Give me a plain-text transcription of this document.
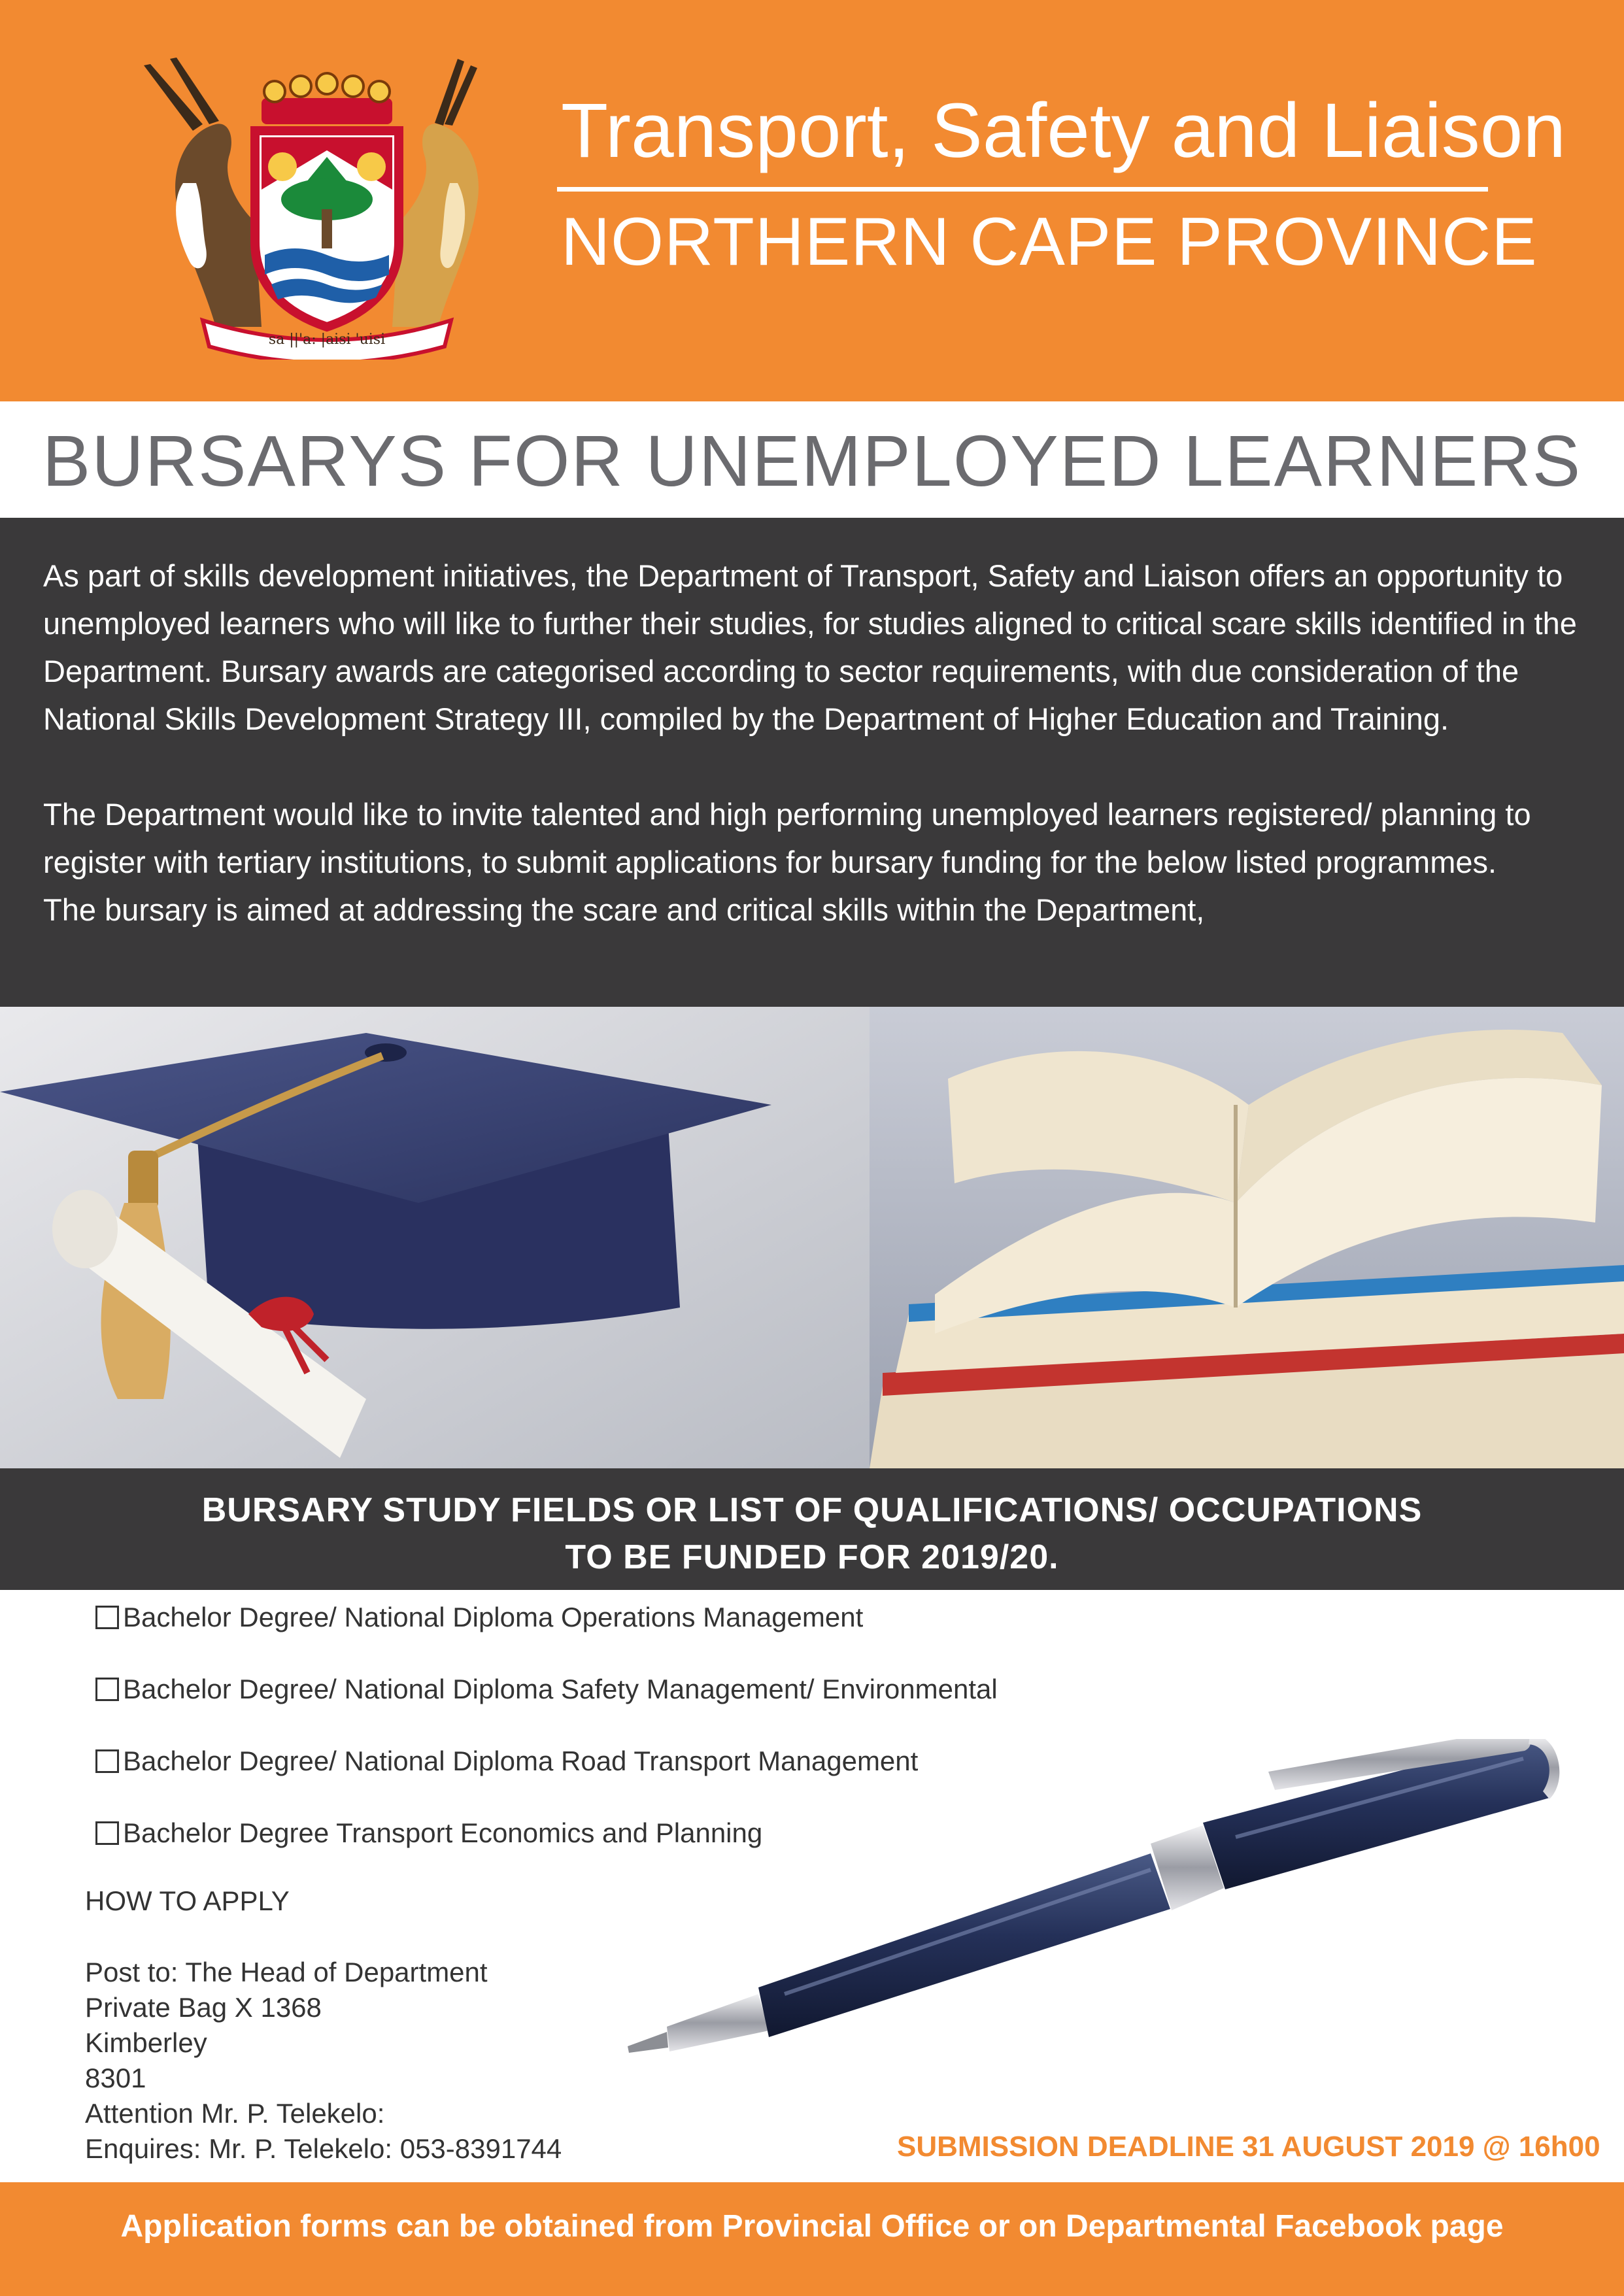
sa ||'a: |aisi 'uisi
Transport, Safety and Liaison
NORTHERN CAPE PROVINCE
BURSARYS FOR UNEMPLOYED LEARNERS

As part of skills development initiatives, the Department of Transport, Safety and Liaison offers an opportunity to
unemployed learners who will like to further their studies, for studies aligned to critical scare skills identified in the
Department. Bursary awards are categorised according to sector requirements, with due consideration of the
National Skills Development Strategy III, compiled by the Department of Higher Education and Training.

The Department would like to invite talented and high performing unemployed learners registered/ planning to
register with tertiary institutions, to submit applications for bursary funding for the below listed programmes.
The bursary is aimed at addressing the scare and critical skills within the Department,

BURSARY STUDY FIELDS OR LIST OF QUALIFICATIONS/ OCCUPATIONS
TO BE FUNDED FOR 2019/20.
Bachelor Degree/ National Diploma Operations Management
Bachelor Degree/ National Diploma Safety Management/ Environmental
Bachelor Degree/ National Diploma Road Transport Management
Bachelor Degree Transport Economics and Planning
HOW TO APPLY
Post to: The Head of Department
Private Bag X 1368
Kimberley
8301
Attention Mr. P. Telekelo:
Enquires: Mr. P. Telekelo: 053-8391744	SUBMISSION DEADLINE 31 AUGUST 2019 @ 16h00
Application forms can be obtained from Provincial Office or on Departmental Facebook page
